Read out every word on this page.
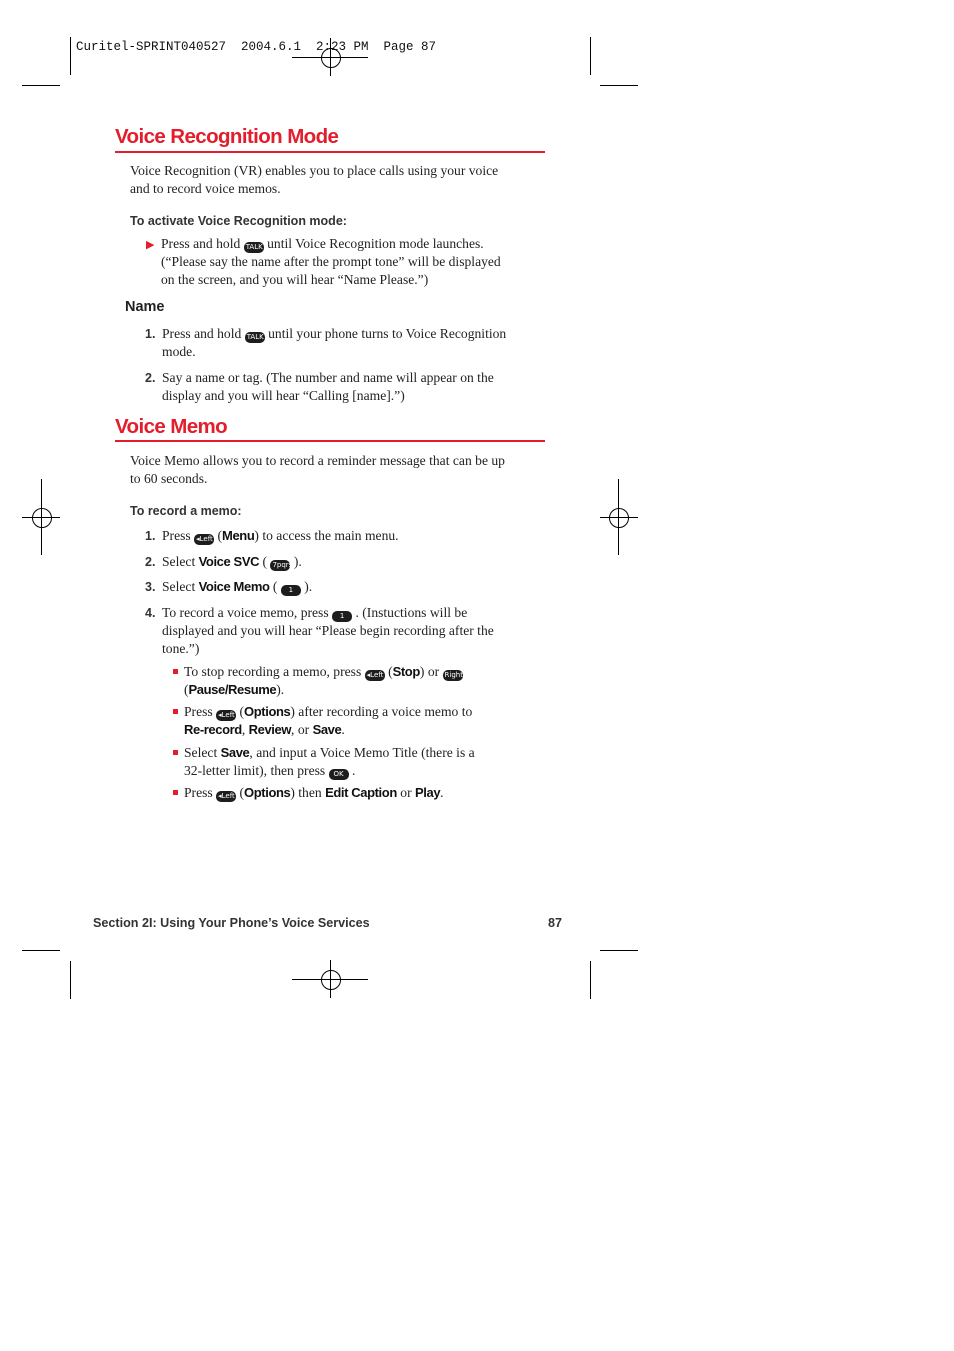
Curitel-SPRINT040527  2004.6.1  2:23 PM  Page 87
Voice Recognition Mode
Voice Recognition (VR) enables you to place calls using your voice
and to record voice memos.
To activate Voice Recognition mode:
▶ Press and hold TALK until Voice Recognition mode launches.
(“Please say the name after the prompt tone” will be displayed
on the screen, and you will hear “Name Please.”)
Name
1. Press and hold TALK until your phone turns to Voice Recognition
mode.
2. Say a name or tag. (The number and name will appear on the
display and you will hear “Calling [name].”)
Voice Memo
Voice Memo allows you to record a reminder message that can be up
to 60 seconds.
To record a memo:
1. Press ◂Left (Menu) to access the main menu.
2. Select Voice SVC ( 7pqrs ).
3. Select Voice Memo ( 1 ).
4. To record a voice memo, press 1 . (Instuctions will be
displayed and you will hear “Please begin recording after the
tone.”)
To stop recording a memo, press ◂Left (Stop) or Right▸
(Pause/Resume).
Press ◂Left (Options) after recording a voice memo to
Re-record, Review, or Save.
Select Save, and input a Voice Memo Title (there is a
32-letter limit), then press OK .
Press ◂Left (Options) then Edit Caption or Play.
Section 2I: Using Your Phone’s Voice Services	87
